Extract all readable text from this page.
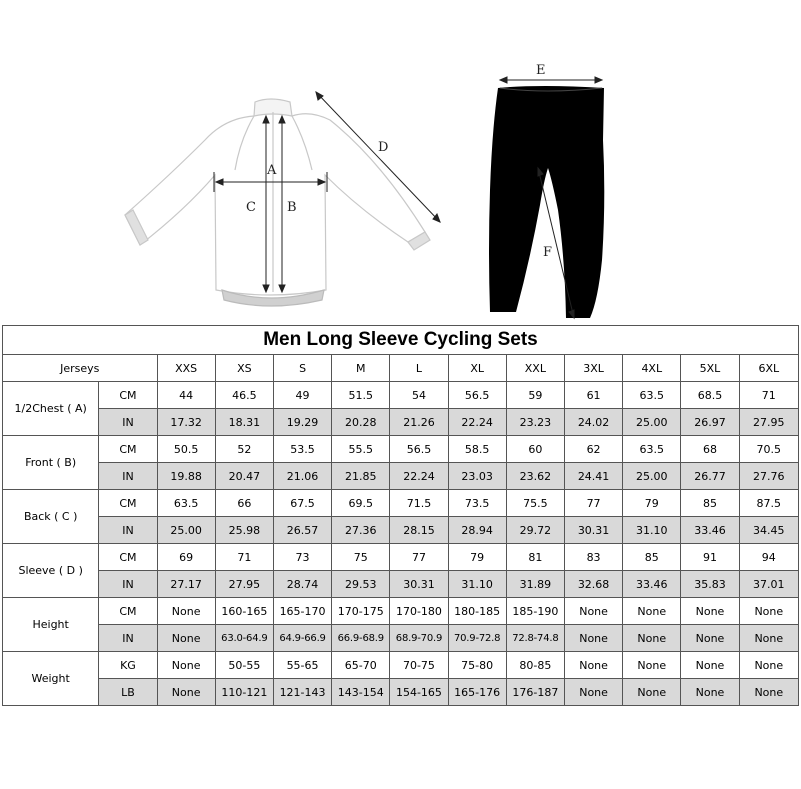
A
B
C
D
E
F
Men Long Sleeve Cycling Sets												
Jerseys		XXS	XS	S	M	L	XL	XXL	3XL	4XL	5XL	6XL
1/2Chest ( A)	CM	44	46.5	49	51.5	54	56.5	59	61	63.5	68.5	71
	IN	17.32	18.31	19.29	20.28	21.26	22.24	23.23	24.02	25.00	26.97	27.95
Front ( B)	CM	50.5	52	53.5	55.5	56.5	58.5	60	62	63.5	68	70.5
	IN	19.88	20.47	21.06	21.85	22.24	23.03	23.62	24.41	25.00	26.77	27.76
Back ( C )	CM	63.5	66	67.5	69.5	71.5	73.5	75.5	77	79	85	87.5
	IN	25.00	25.98	26.57	27.36	28.15	28.94	29.72	30.31	31.10	33.46	34.45
Sleeve ( D )	CM	69	71	73	75	77	79	81	83	85	91	94
	IN	27.17	27.95	28.74	29.53	30.31	31.10	31.89	32.68	33.46	35.83	37.01
Height	CM	None	160-165	165-170	170-175	170-180	180-185	185-190	None	None	None	None
	IN	None	63.0-64.9	64.9-66.9	66.9-68.9	68.9-70.9	70.9-72.8	72.8-74.8	None	None	None	None
Weight	KG	None	50-55	55-65	65-70	70-75	75-80	80-85	None	None	None	None
	LB	None	110-121	121-143	143-154	154-165	165-176	176-187	None	None	None	None
